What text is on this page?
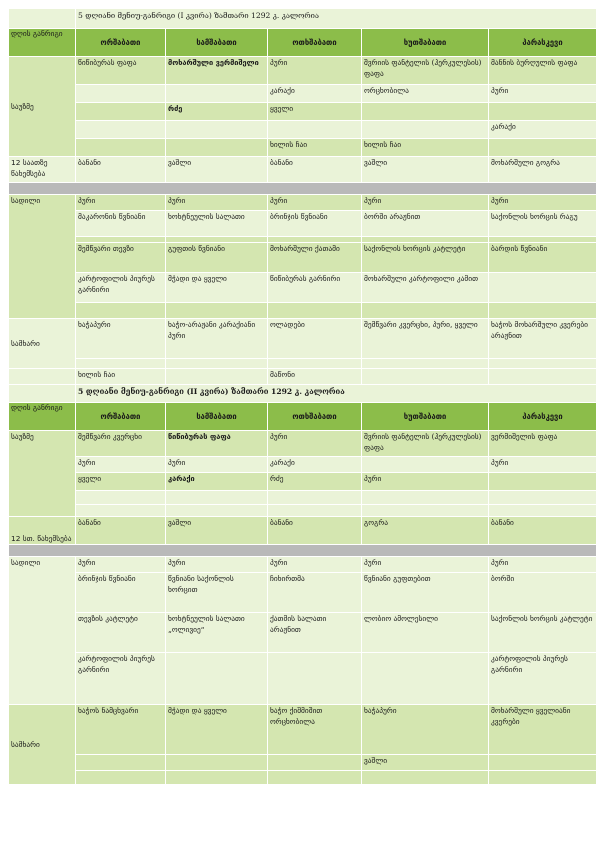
	5 დღიანი მენიუ-განრიგი (I კვირა) ზამთარი 1292 კ. კალორია				
დღის განრიგი	ორშაბათი	სამშაბათი	ოთხშაბათი	ხუთშაბათი	პარასკევი
საუზმე	წიწიბურას ფაფა	მოხარშული ვერმიშელი	პური	შვრიის ფანტელის (ჰერკულესის) ფაფა	მანნის ბურღულის ფაფა
			კარაქი	ორცხობილა	პური
		რძე	ყველი		
					კარაქი
			ხილის ჩაი	ხილის ჩაი	
12 საათზე წახემსება	ბანანი	ვაშლი	ბანანი	ვაშლი	მოხარშული გოგრა

სადილი	პური	პური	პური	პური	პური
	მაკარონის წვნიანი	ხოხტნეულის სალათი	ბრინჯის წვნიანი	ბორში არაჟნით	საქონლის ხორცის რაგუ

	შემწვარი თევზი	გუფთის წვნიანი	მოხარშული ქათამი	საქონლის ხორცის კატლეტი	ბარდის წვნიანი
	კარტოფილის პიურეს გარნირი	მჭადი და ყველი	წიწიბურას გარნირი	მოხარშული კარტოფილი კამით	

სამხარი	ხაჭაპური	ხაჭო-არაჟანი კარაქიანი პური	ოლადები	შემწვარი კვერცხი, პური, ყველი	ხაჭოს მოხარშული კვერები არაჟნით

	ხილის ჩაი		მაწონი		
	5 დღიანი მენიუ-განრიგი (II კვირა) ზამთარი 1292 კ. კალორია				
დღის განრიგი	ორშაბათი	სამშაბათი	ოთხშაბათი	ხუთშაბათი	პარასკევი
საუზმე	შემწვარი კვერცხი	წიწიბურას ფაფა	პური	შვრიის ფანტელის (ჰერკულესის) ფაფა	ვერმიშელის ფაფა
	პური	პური	კარაქი		პური
	ყველი	კარაქი	რძე	პური	

12 სთ. წახემსება	ბანანი	ვაშლი	ბანანი	გოგრა	ბანანი

სადილი	პური	პური	პური	პური	პური
	ბრინჯის წვნიანი	წვნიანი საქონლის ხორცით	ჩიხირთმა	წვნიანი გუფთებით	ბორში
	თევზის კატლეტი	ხოხტნეულის სალათი „ოლივიე“	ქათმის სალათი არაჟნით	ლობიო ამოლესილი	საქონლის ხორცის კატლეტი
	კარტოფილის პიურეს გარნირი				კარტოფილის პიურეს გარნირი
სამხარი	ხაჭოს ნამცხვარი	მჭადი და ყველი	ხაჭო ქიშმიშით ორცხობილა	ხაჭაპური	მოხარშული ყველიანი კვერები
				ვაშლი	
